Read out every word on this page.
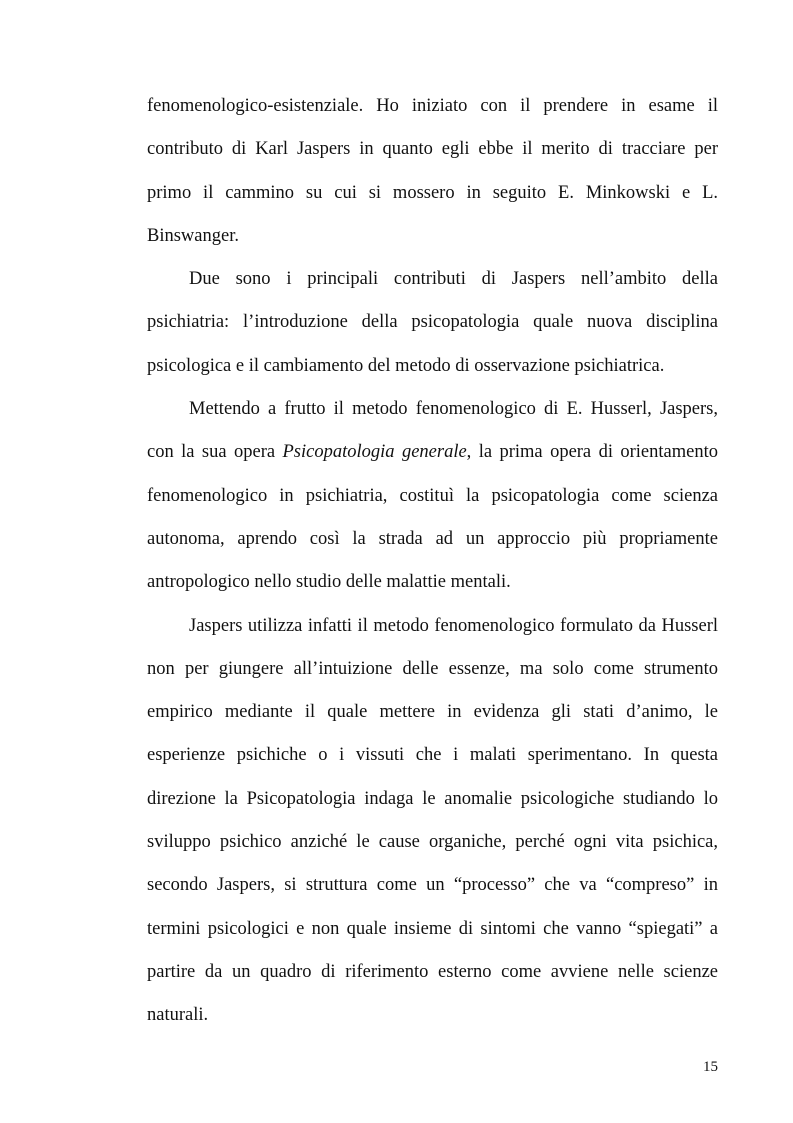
fenomenologico-esistenziale. Ho iniziato con il prendere in esame il
contributo di Karl Jaspers in quanto egli ebbe il merito di tracciare per
primo il cammino su cui si mossero in seguito E. Minkowski e L.
Binswanger.
Due sono i principali contributi di Jaspers nell’ambito della
psichiatria: l’introduzione della psicopatologia quale nuova disciplina
psicologica e il cambiamento del metodo di osservazione psichiatrica.
Mettendo a frutto il metodo fenomenologico di E. Husserl, Jaspers,
con la sua opera Psicopatologia generale, la prima opera di orientamento
fenomenologico in psichiatria, costituì la psicopatologia come scienza
autonoma, aprendo così la strada ad un approccio più propriamente
antropologico nello studio delle malattie mentali.
Jaspers utilizza infatti il metodo fenomenologico formulato da Husserl
non per giungere all’intuizione delle essenze, ma solo come strumento
empirico mediante il quale mettere in evidenza gli stati d’animo, le
esperienze psichiche o i vissuti che i malati sperimentano. In questa
direzione la Psicopatologia indaga le anomalie psicologiche studiando lo
sviluppo psichico anziché le cause organiche, perché ogni vita psichica,
secondo Jaspers, si struttura come un “processo” che va “compreso” in
termini psicologici e non quale insieme di sintomi che vanno “spiegati” a
partire da un quadro di riferimento esterno come avviene nelle scienze
naturali.
15
